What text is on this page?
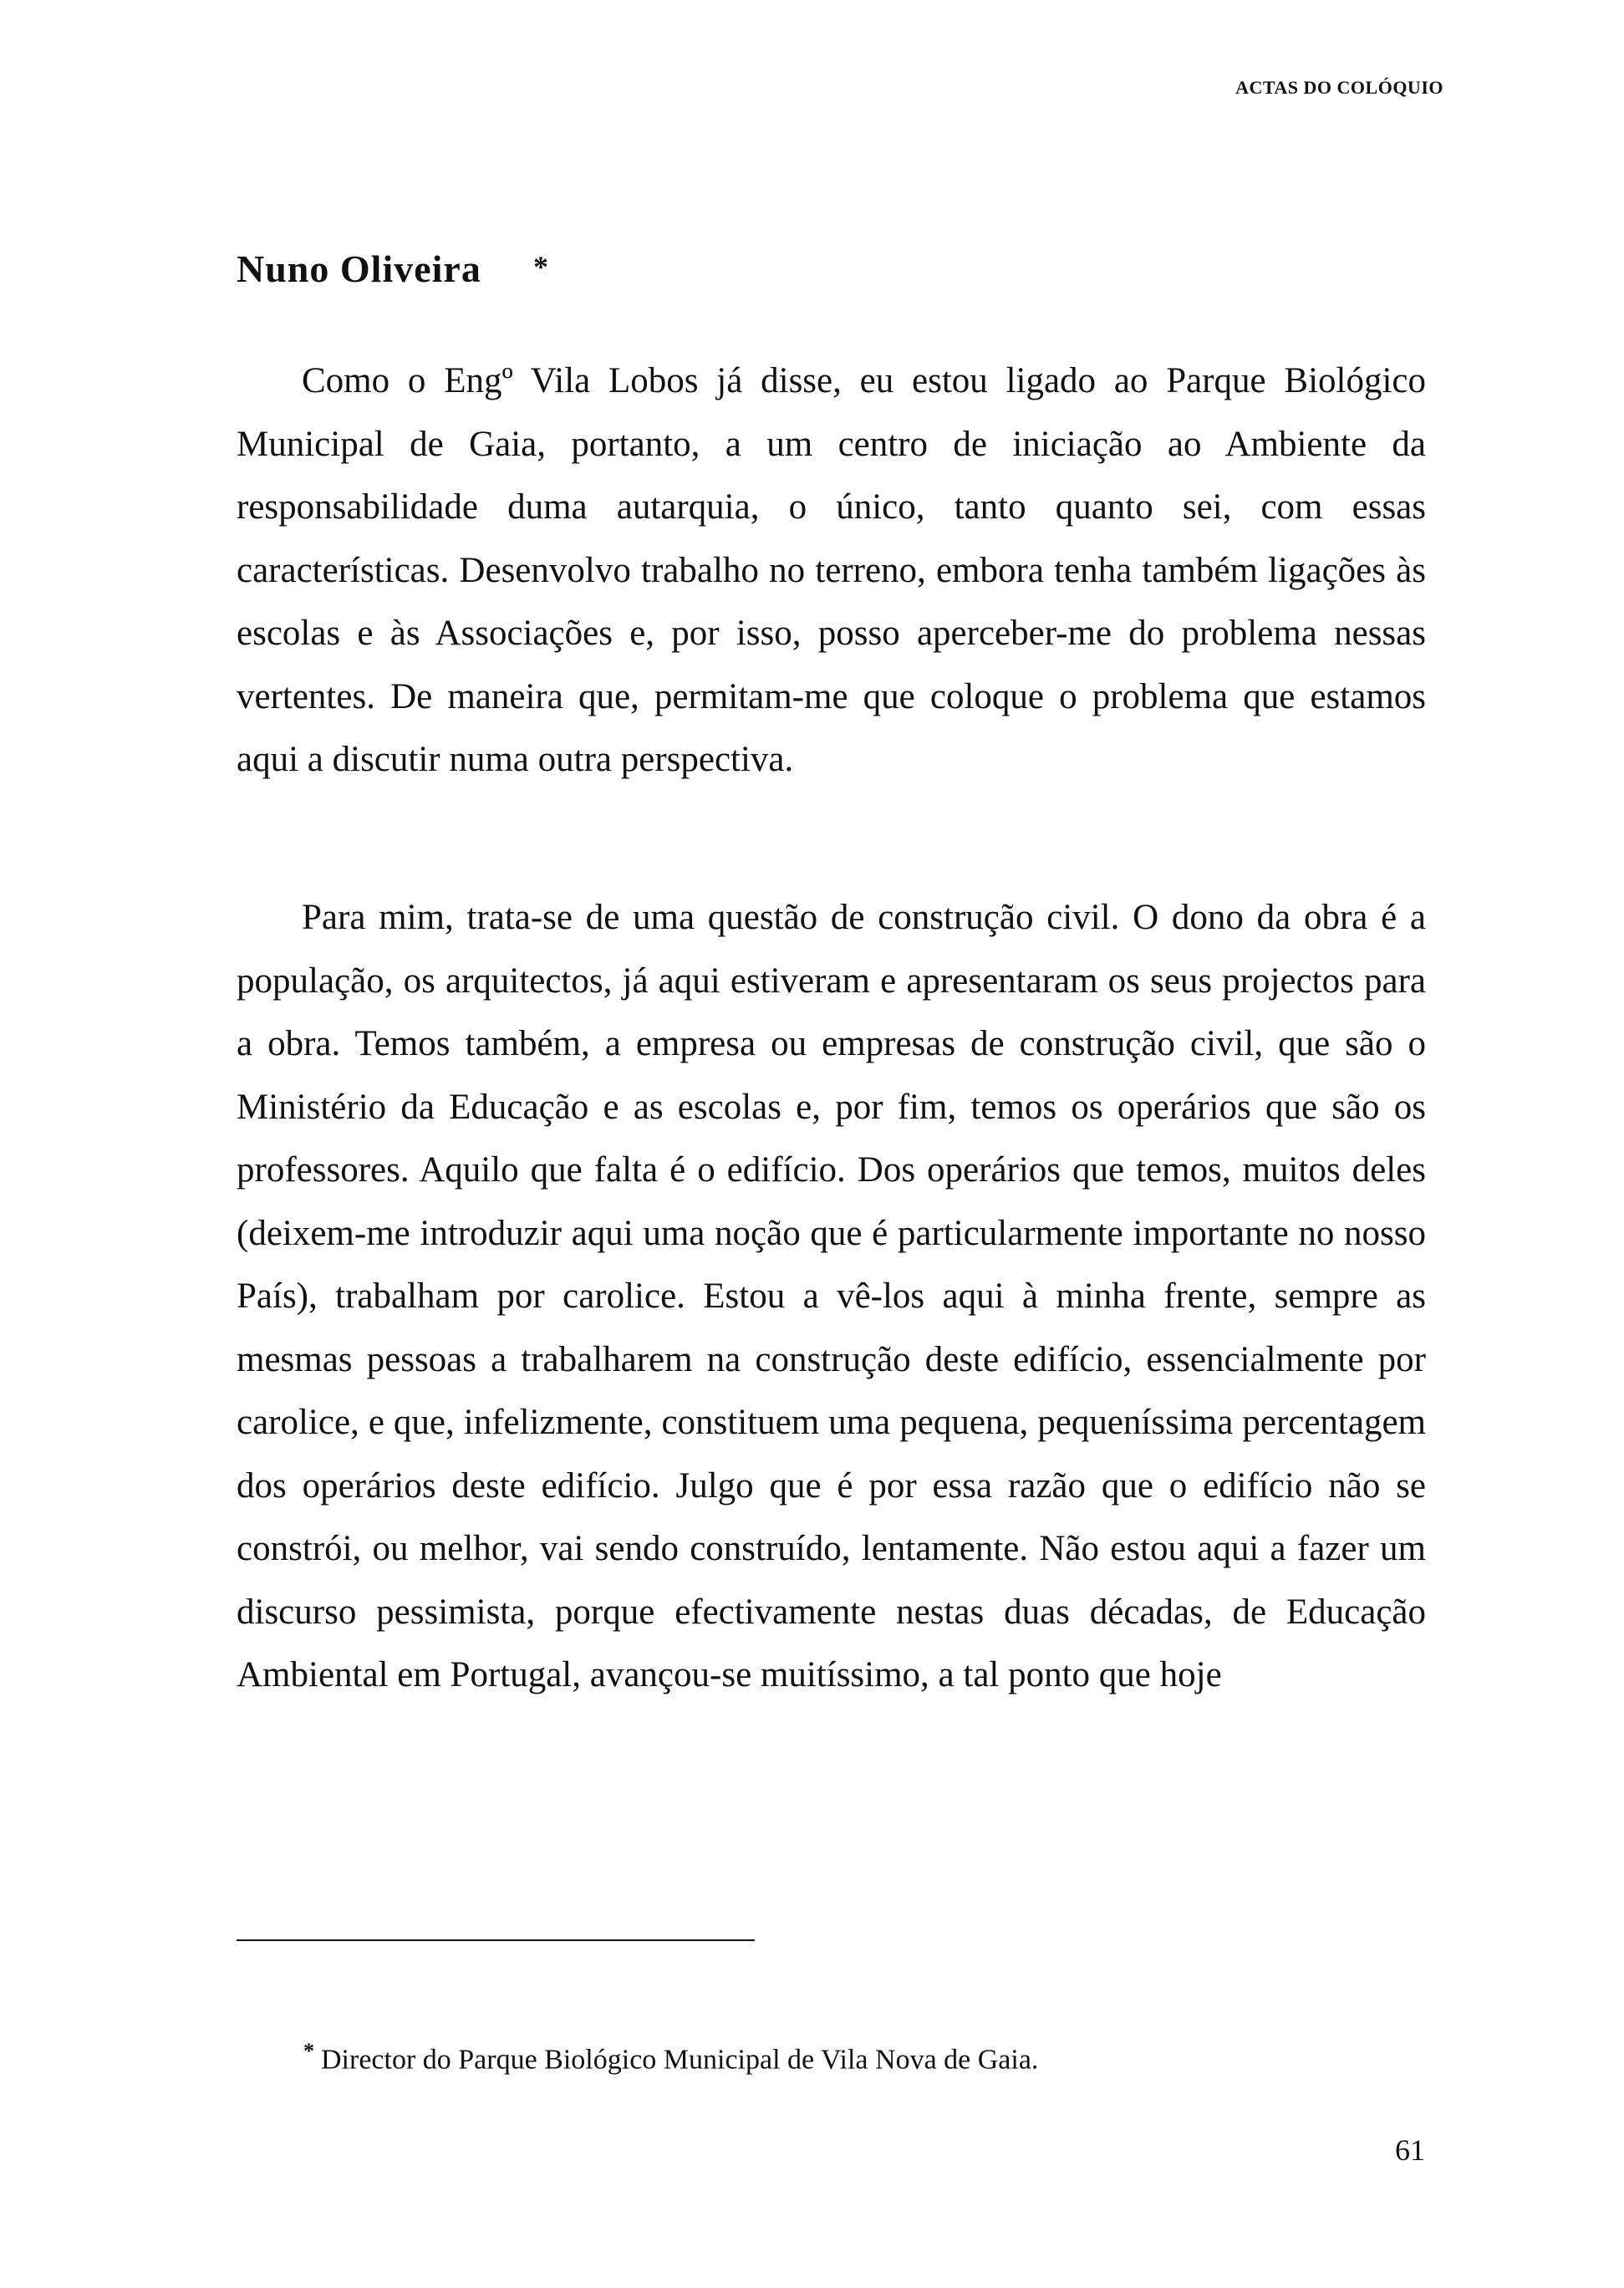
ACTAS DO COLÓQUIO
Nuno Oliveira *

Como o Engº Vila Lobos já disse, eu estou ligado ao Parque Biológico Municipal de Gaia, portanto, a um centro de iniciação ao Ambiente da responsabilidade duma autarquia, o único, tanto quanto sei, com essas características. Desenvolvo trabalho no terreno, embora tenha também ligações às escolas e às Associações e, por isso, posso aperceber-me do problema nessas vertentes. De maneira que, permitam-me que coloque o problema que estamos aqui a discutir numa outra perspectiva.

Para mim, trata-se de uma questão de construção civil. O dono da obra é a população, os arquitectos, já aqui estiveram e apresentaram os seus projectos para a obra. Temos também, a empresa ou empresas de construção civil, que são o Ministério da Educação e as escolas e, por fim, temos os operários que são os professores. Aquilo que falta é o edifício. Dos operários que temos, muitos deles (deixem-me introduzir aqui uma noção que é particularmente importante no nosso País), trabalham por carolice. Estou a vê-los aqui à minha frente, sempre as mesmas pessoas a trabalharem na construção deste edifício, essencialmente por carolice, e que, infelizmente, constituem uma pequena, pequeníssima percentagem dos operários deste edifício. Julgo que é por essa razão que o edifício não se constrói, ou melhor, vai sendo construído, lentamente. Não estou aqui a fazer um discurso pessimista, porque efectivamente nestas duas décadas, de Educação Ambiental em Portugal, avançou-se muitíssimo, a tal ponto que hoje

* Director do Parque Biológico Municipal de Vila Nova de Gaia.
61
